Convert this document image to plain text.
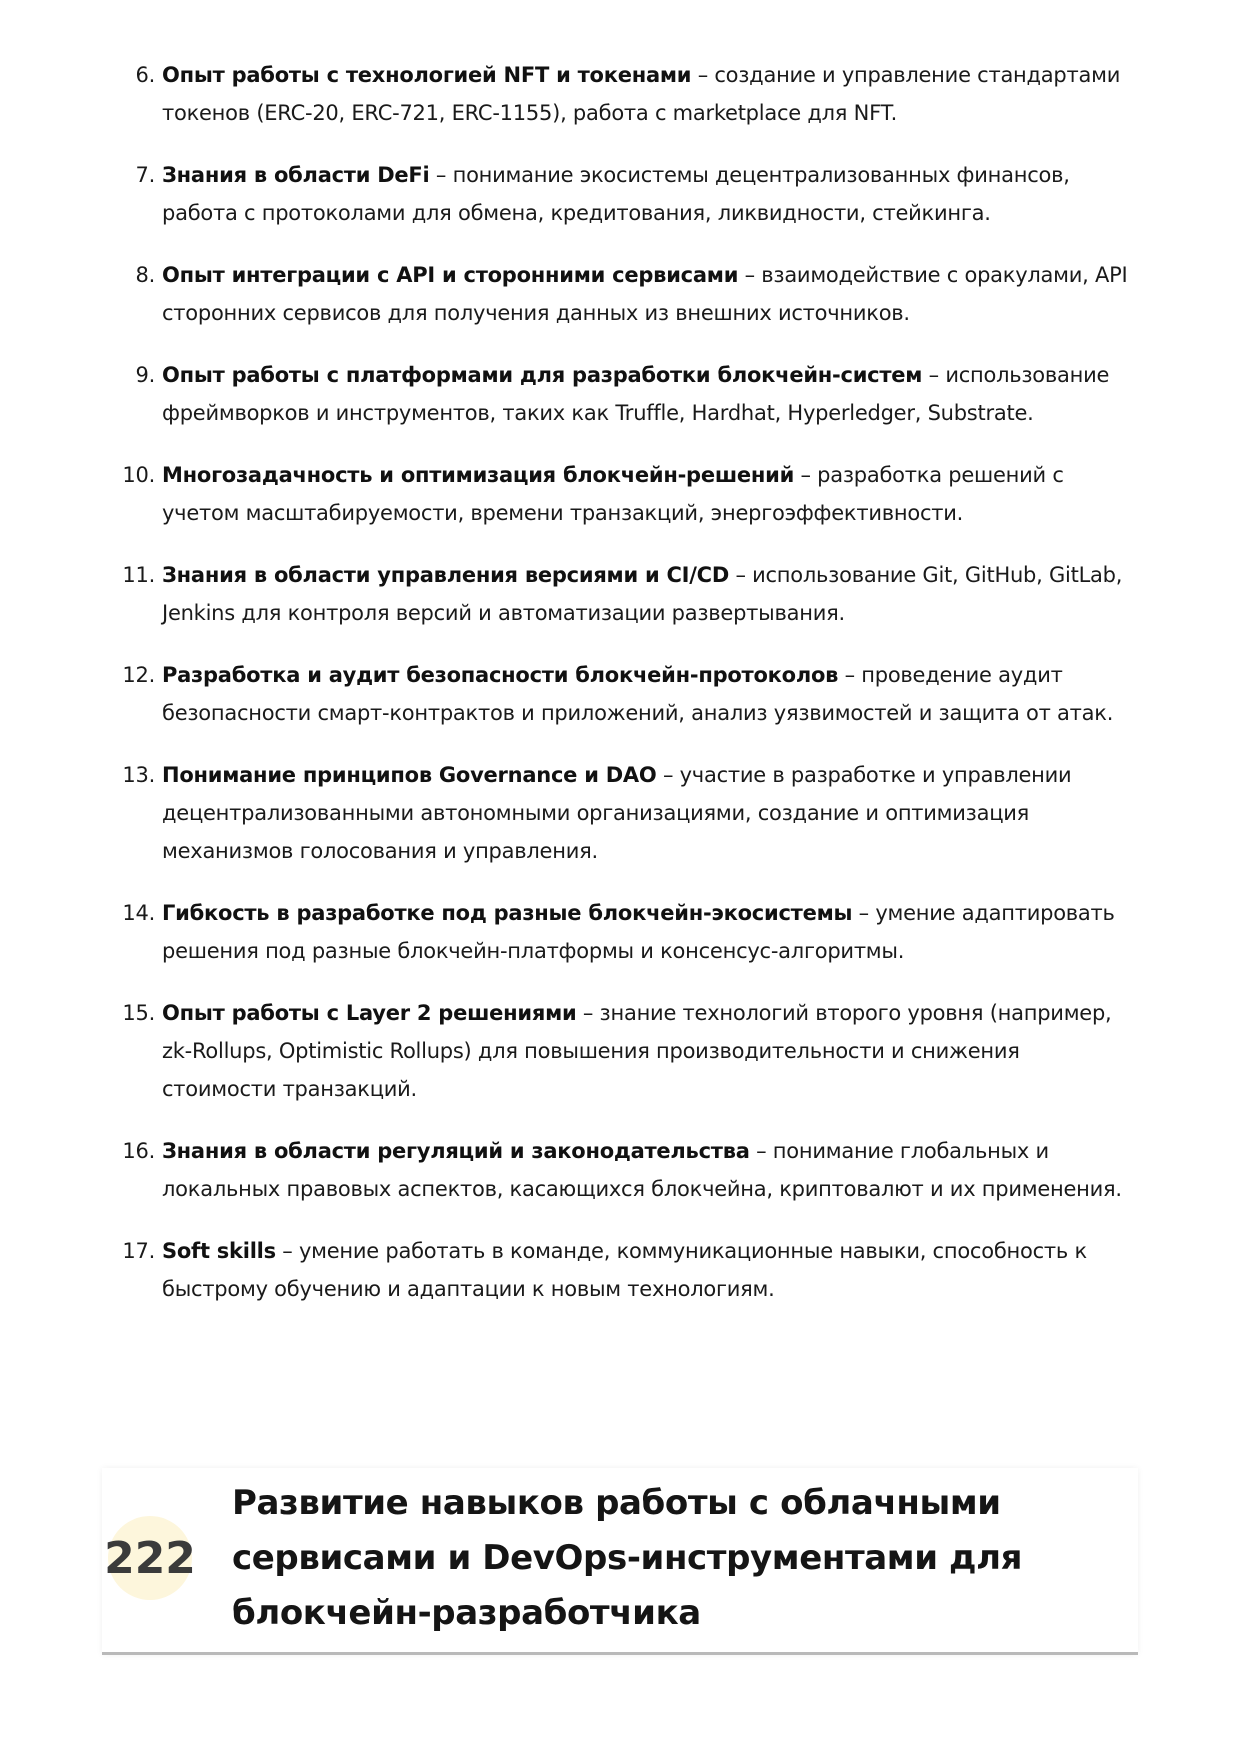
6. Опыт работы с технологией NFT и токенами – создание и управление стандартами токенов (ERC-20, ERC-721, ERC-1155), работа с marketplace для NFT.
7. Знания в области DeFi – понимание экосистемы децентрализованных финансов, работа с протоколами для обмена, кредитования, ликвидности, стейкинга.
8. Опыт интеграции с API и сторонними сервисами – взаимодействие с оракулами, API сторонних сервисов для получения данных из внешних источников.
9. Опыт работы с платформами для разработки блокчейн-систем – использование фреймворков и инструментов, таких как Truffle, Hardhat, Hyperledger, Substrate.
10. Многозадачность и оптимизация блокчейн-решений – разработка решений с учетом масштабируемости, времени транзакций, энергоэффективности.
11. Знания в области управления версиями и CI/CD – использование Git, GitHub, GitLab, Jenkins для контроля версий и автоматизации развертывания.
12. Разработка и аудит безопасности блокчейн-протоколов – проведение аудит безопасности смарт-контрактов и приложений, анализ уязвимостей и защита от атак.
13. Понимание принципов Governance и DAO – участие в разработке и управлении децентрализованными автономными организациями, создание и оптимизация механизмов голосования и управления.
14. Гибкость в разработке под разные блокчейн-экосистемы – умение адаптировать решения под разные блокчейн-платформы и консенсус-алгоритмы.
15. Опыт работы с Layer 2 решениями – знание технологий второго уровня (например, zk-Rollups, Optimistic Rollups) для повышения производительности и снижения стоимости транзакций.
16. Знания в области регуляций и законодательства – понимание глобальных и локальных правовых аспектов, касающихся блокчейна, криптовалют и их применения.
17. Soft skills – умение работать в команде, коммуникационные навыки, способность к быстрому обучению и адаптации к новым технологиям.
222
Развитие навыков работы с облачными сервисами и DevOps-инструментами для блокчейн-разработчика
